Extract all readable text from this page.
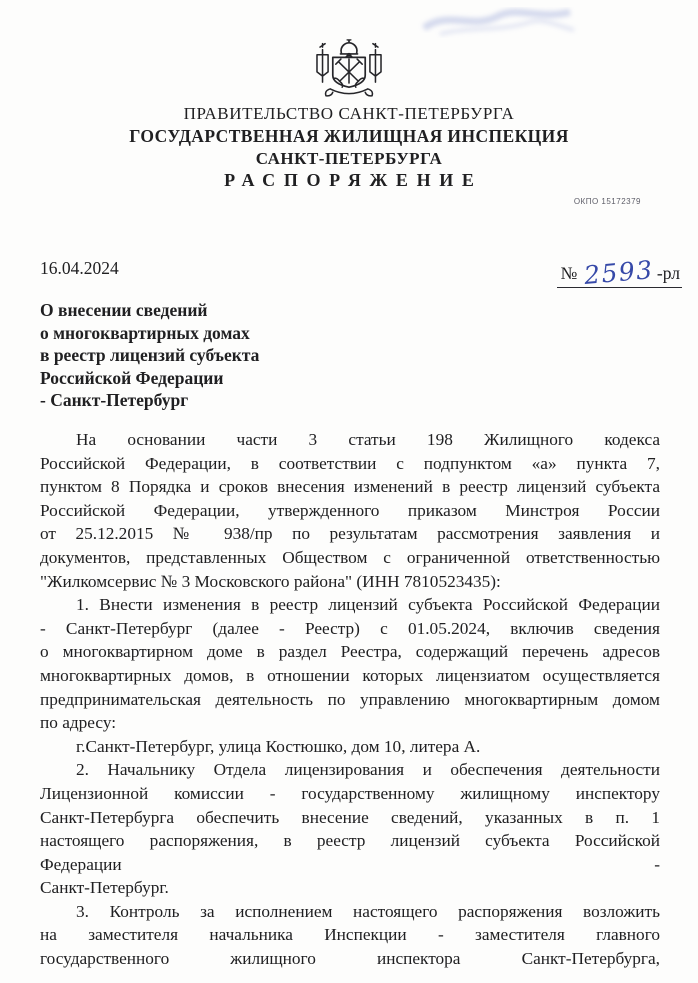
ПРАВИТЕЛЬСТВО САНКТ-ПЕТЕРБУРГА
ГОСУДАРСТВЕННАЯ ЖИЛИЩНАЯ ИНСПЕКЦИЯ
САНКТ-ПЕТЕРБУРГА
РАСПОРЯЖЕНИЕ
ОКПО 15172379
16.04.2024	№ 2593 -рл
О внесении сведений
о многоквартирных домах
в реестр лицензий субъекта
Российской Федерации
- Санкт-Петербург
На основании части 3 статьи 198 Жилищного кодекса
Российской Федерации, в соответствии с подпунктом «а» пункта 7,
пунктом 8 Порядка и сроков внесения изменений в реестр лицензий субъекта
Российской Федерации, утвержденного приказом Минстроя России
от 25.12.2015 № 938/пр по результатам рассмотрения заявления и
документов, представленных Обществом с ограниченной ответственностью
"Жилкомсервис № 3 Московского района" (ИНН 7810523435):
1. Внести изменения в реестр лицензий субъекта Российской Федерации
- Санкт-Петербург (далее - Реестр) с 01.05.2024, включив сведения
о многоквартирном доме в раздел Реестра, содержащий перечень адресов
многоквартирных домов, в отношении которых лицензиатом осуществляется
предпринимательская деятельность по управлению многоквартирным домом
по адресу:
г.Санкт-Петербург, улица Костюшко, дом 10, литера А.
2. Начальнику Отдела лицензирования и обеспечения деятельности
Лицензионной комиссии - государственному жилищному инспектору
Санкт-Петербурга обеспечить внесение сведений, указанных в п. 1
настоящего распоряжения, в реестр лицензий субъекта Российской
Федерации -
Санкт-Петербург.
3. Контроль за исполнением настоящего распоряжения возложить
на заместителя начальника Инспекции - заместителя главного
государственного жилищного инспектора Санкт-Петербурга,
